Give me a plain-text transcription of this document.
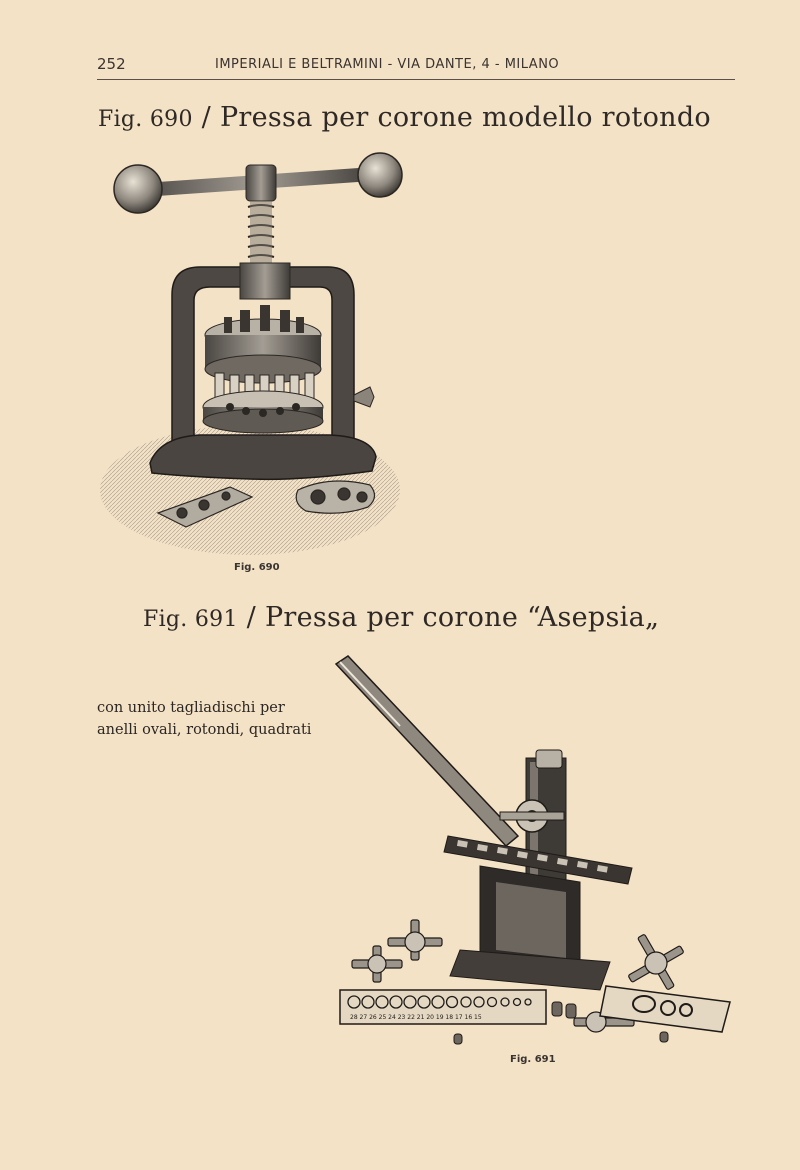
252	IMPERIALI E BELTRAMINI - VIA DANTE, 4 - MILANO
Fig. 690 / Pressa per corone modello rotondo
Fig. 690
Fig. 691 / Pressa per corone “Asepsia„
con unito tagliadischi per
anelli ovali, rotondi, quadrati
28 27 26 25 24 23 22 21 20 19 18 17 16 15
Fig. 691
